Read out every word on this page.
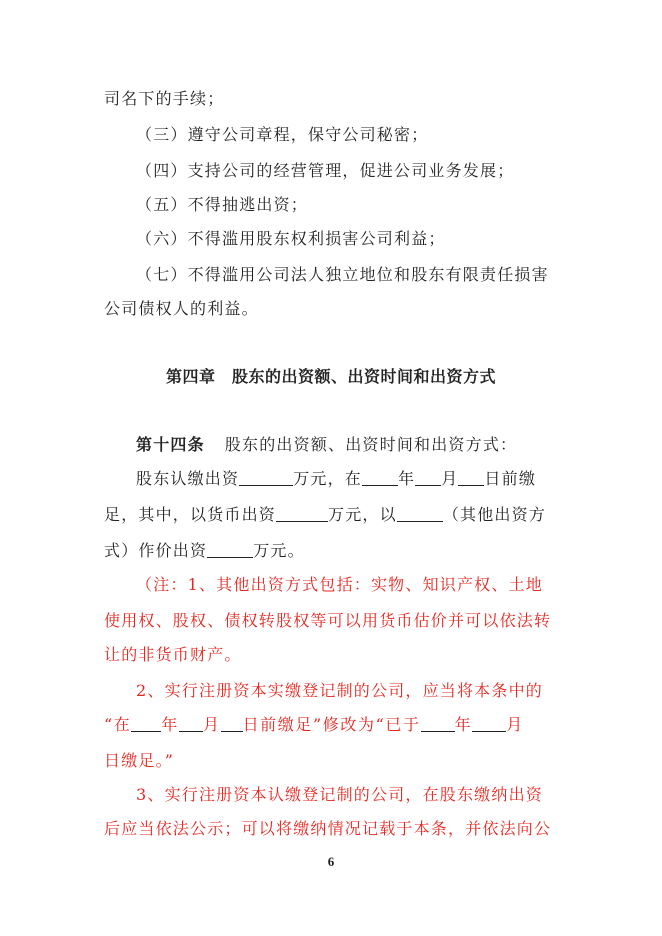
司名下的手续；
（三）遵守公司章程，保守公司秘密；
（四）支持公司的经营管理，促进公司业务发展；
（五）不得抽逃出资；
（六）不得滥用股东权利损害公司利益；
（七）不得滥用公司法人独立地位和股东有限责任损害
公司债权人的利益。
第四章　股东的出资额、出资时间和出资方式
第十四条 股东的出资额、出资时间和出资方式：
股东认缴出资	万元，在 年 月 日前缴
足，其中，以货币出资	万元，以	（其他出资方
式）作价出资	万元。
（注：1、其他出资方式包括：实物、知识产权、土地
使用权、股权、债权转股权等可以用货币估价并可以依法转
让的非货币财产。
2、实行注册资本实缴登记制的公司，应当将本条中的
“在 年 月 日前缴足”修改为“已于 年 月
日缴足。”
3、实行注册资本认缴登记制的公司，在股东缴纳出资
后应当依法公示；可以将缴纳情况记载于本条，并依法向公
6
